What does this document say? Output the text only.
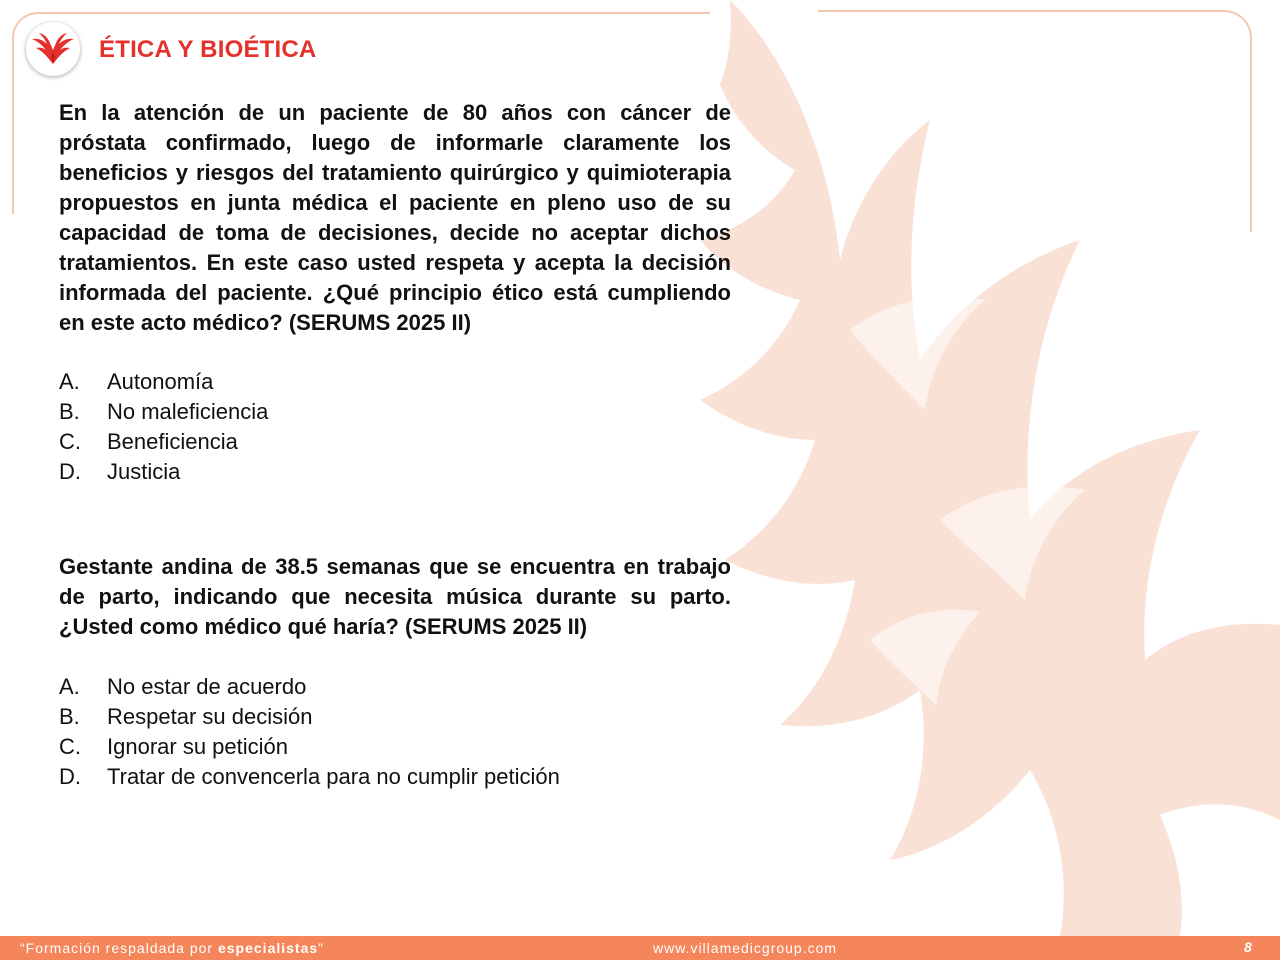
ÉTICA Y BIOÉTICA
En la atención de un paciente de 80 años con cáncer de próstata confirmado, luego de informarle claramente los beneficios y riesgos del tratamiento quirúrgico y quimioterapia propuestos en junta médica el paciente en pleno uso de su capacidad de toma de decisiones, decide no aceptar dichos tratamientos. En este caso usted respeta y acepta la decisión informada del paciente. ¿Qué principio ético está cumpliendo en este acto médico? (SERUMS 2025 II)
A.	Autonomía
B.	No maleficiencia
C.	Beneficiencia
D.	Justicia
Gestante andina de 38.5 semanas que se encuentra en trabajo de parto, indicando que necesita música durante su parto. ¿Usted como médico qué haría? (SERUMS 2025 II)
A.	No estar de acuerdo
B.	Respetar su decisión
C.	Ignorar su petición
D.	Tratar de convencerla para no cumplir petición
“Formación respaldada por especialistas”	www.villamedicgroup.com	8
